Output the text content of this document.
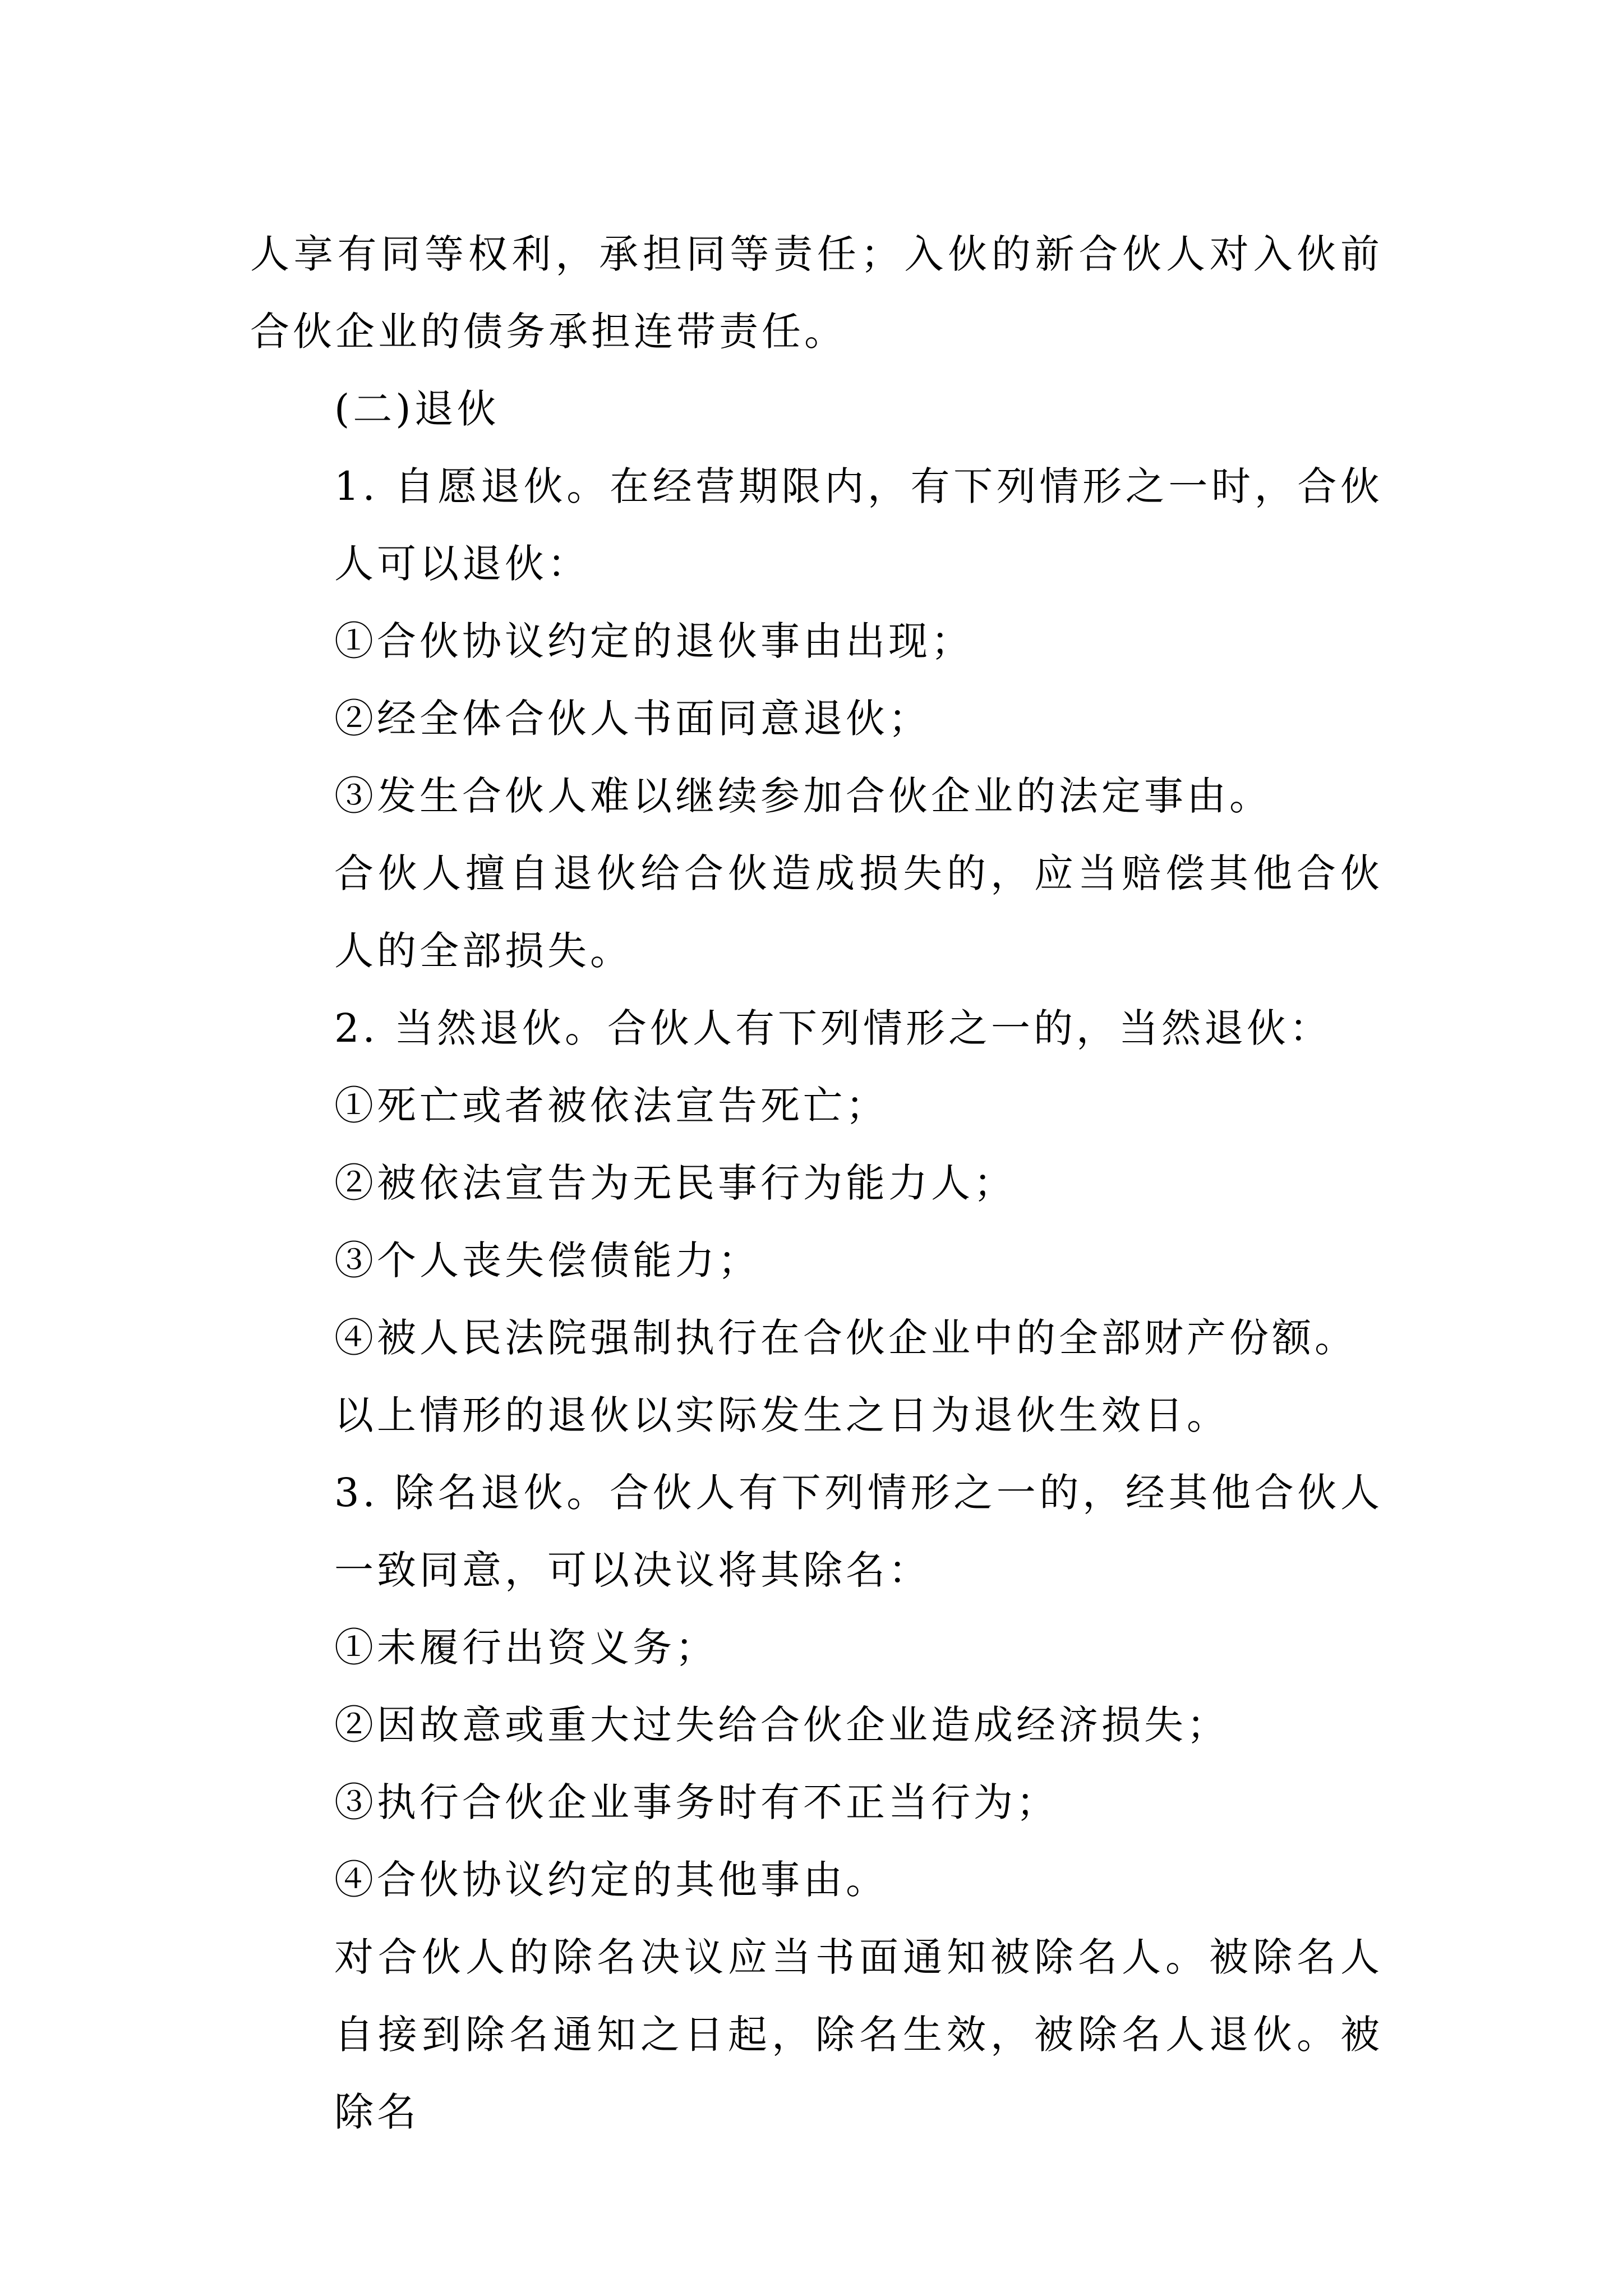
人享有同等权利，承担同等责任；入伙的新合伙人对入伙前合伙企业的债务承担连带责任。

(二)退伙

1. 自愿退伙。在经营期限内，有下列情形之一时，合伙人可以退伙：

①合伙协议约定的退伙事由出现；

②经全体合伙人书面同意退伙；

③发生合伙人难以继续参加合伙企业的法定事由。

合伙人擅自退伙给合伙造成损失的，应当赔偿其他合伙人的全部损失。

2. 当然退伙。合伙人有下列情形之一的，当然退伙：

①死亡或者被依法宣告死亡；

②被依法宣告为无民事行为能力人；

③个人丧失偿债能力；

④被人民法院强制执行在合伙企业中的全部财产份额。

以上情形的退伙以实际发生之日为退伙生效日。

3. 除名退伙。合伙人有下列情形之一的，经其他合伙人一致同意，可以决议将其除名：

①未履行出资义务；

②因故意或重大过失给合伙企业造成经济损失；

③执行合伙企业事务时有不正当行为；

④合伙协议约定的其他事由。

对合伙人的除名决议应当书面通知被除名人。被除名人自接到除名通知之日起，除名生效，被除名人退伙。被除名
